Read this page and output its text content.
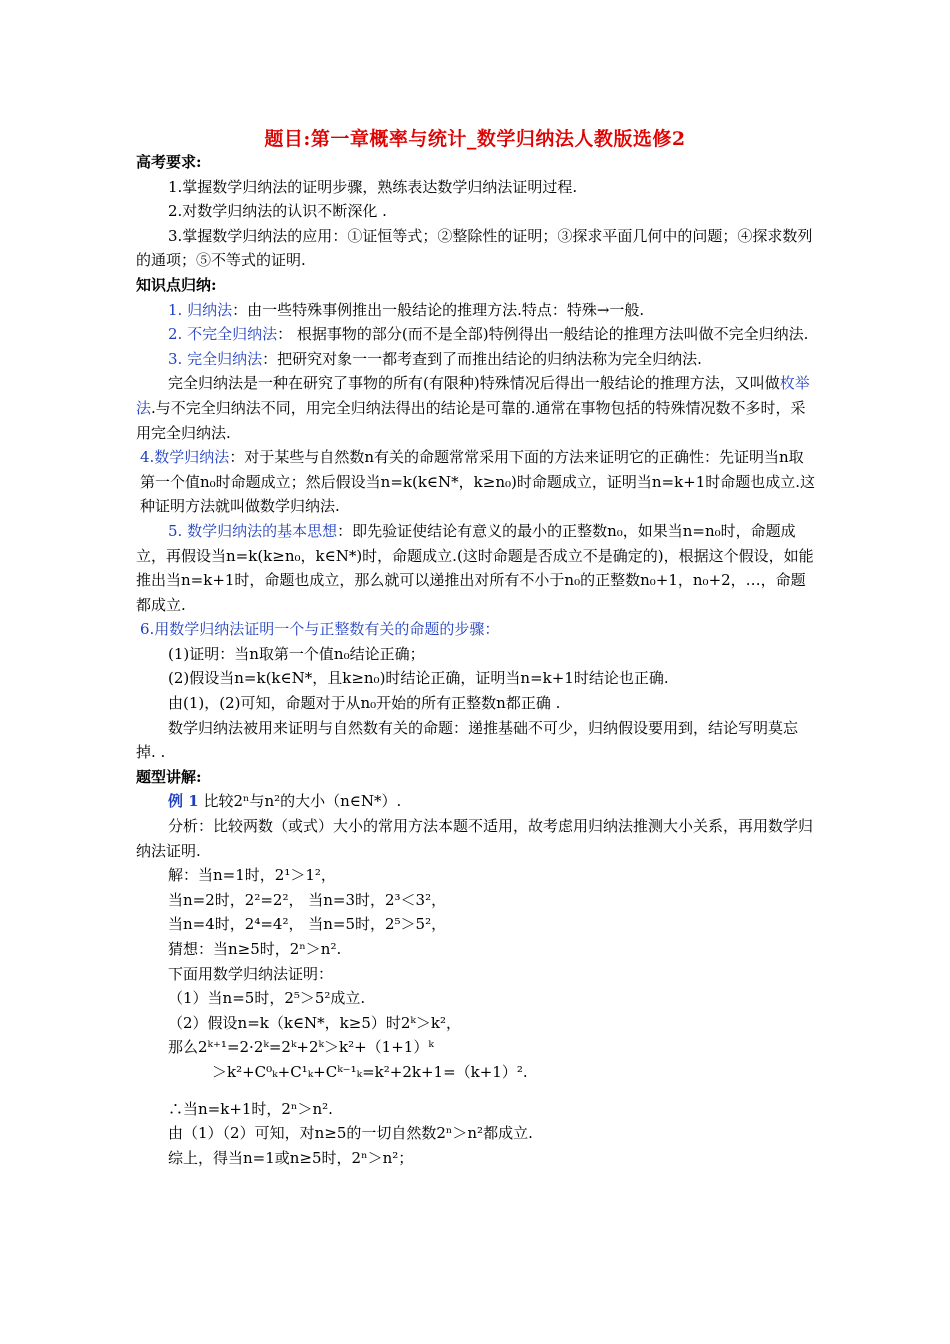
题目:第一章概率与统计_数学归纳法人教版选修2

高考要求:

1.掌握数学归纳法的证明步骤，熟练表达数学归纳法证明过程.

2.对数学归纳法的认识不断深化 .

3.掌握数学归纳法的应用：①证恒等式；②整除性的证明；③探求平面几何中的问题；④探求数列的通项；⑤不等式的证明.

知识点归纳:

1. 归纳法：由一些特殊事例推出一般结论的推理方法.特点：特殊→一般.

2. 不完全归纳法： 根据事物的部分(而不是全部)特例得出一般结论的推理方法叫做不完全归纳法.

3. 完全归纳法：把研究对象一一都考查到了而推出结论的归纳法称为完全归纳法.

完全归纳法是一种在研究了事物的所有(有限种)特殊情况后得出一般结论的推理方法，又叫做枚举法.与不完全归纳法不同，用完全归纳法得出的结论是可靠的.通常在事物包括的特殊情况数不多时，采用完全归纳法.

4.数学归纳法：对于某些与自然数n有关的命题常常采用下面的方法来证明它的正确性：先证明当n取第一个值n₀时命题成立；然后假设当n=k(k∈N*，k≥n₀)时命题成立，证明当n=k+1时命题也成立.这种证明方法就叫做数学归纳法.

5. 数学归纳法的基本思想：即先验证使结论有意义的最小的正整数n₀，如果当n=n₀时，命题成立，再假设当n=k(k≥n₀，k∈N*)时，命题成立.(这时命题是否成立不是确定的)，根据这个假设，如能推出当n=k+1时，命题也成立，那么就可以递推出对所有不小于n₀的正整数n₀+1，n₀+2，…，命题都成立.

6.用数学归纳法证明一个与正整数有关的命题的步骤：

(1)证明：当n取第一个值n₀结论正确；

(2)假设当n=k(k∈N*，且k≥n₀)时结论正确，证明当n=k+1时结论也正确.

由(1)，(2)可知，命题对于从n₀开始的所有正整数n都正确 .

数学归纳法被用来证明与自然数有关的命题：递推基础不可少，归纳假设要用到，结论写明莫忘掉. .

题型讲解:

例 1 比较2ⁿ与n²的大小（n∈N*）.

分析：比较两数（或式）大小的常用方法本题不适用，故考虑用归纳法推测大小关系，再用数学归纳法证明.

解：当n=1时，2¹＞1²，

当n=2时，2²=2²， 当n=3时，2³＜3²，

当n=4时，2⁴=4²， 当n=5时，2⁵＞5²，

猜想：当n≥5时，2ⁿ＞n².

下面用数学归纳法证明：

（1）当n=5时，2⁵＞5²成立.

（2）假设n=k（k∈N*，k≥5）时2ᵏ＞k²，

那么2ᵏ⁺¹=2·2ᵏ=2ᵏ+2ᵏ＞k²+（1+1）ᵏ

＞k²+C⁰ₖ+C¹ₖ+Cᵏ⁻¹ₖ=k²+2k+1=（k+1）².

∴当n=k+1时，2ⁿ＞n².

由（1）（2）可知，对n≥5的一切自然数2ⁿ＞n²都成立.

综上，得当n=1或n≥5时，2ⁿ＞n²；
